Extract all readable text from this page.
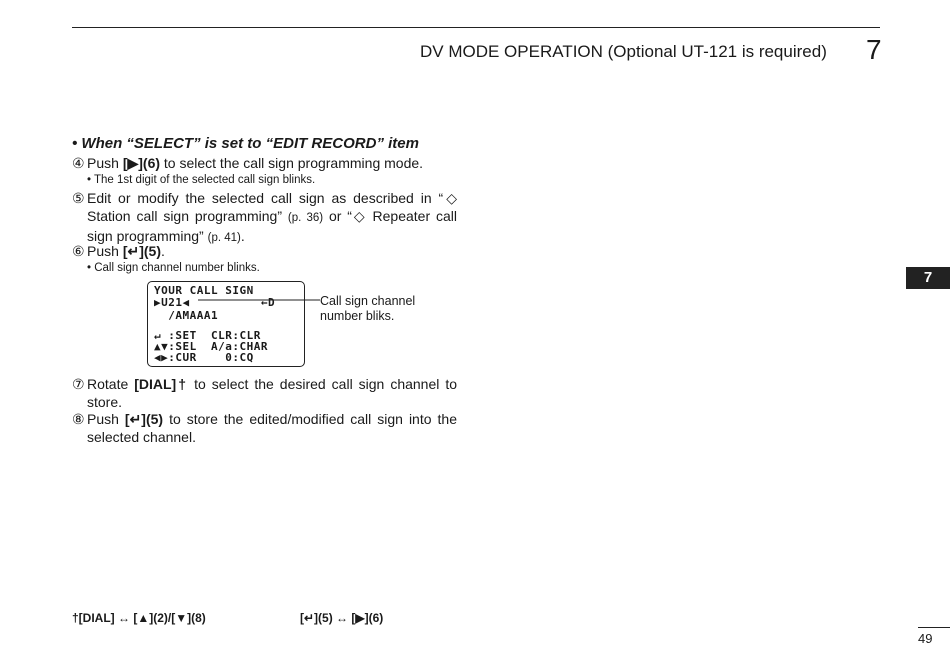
DV MODE OPERATION (Optional UT-121 is required) 7
7
• When “SELECT” is set to “EDIT RECORD” item
④ Push [▶](6) to select the call sign programming mode.
• The 1st digit of the selected call sign blinks.
⑤ Edit or modify the selected call sign as described in “◇ Station call sign programming” (p. 36) or “◇ Repeater call sign programming” (p. 41).
⑥ Push [↵](5).
• Call sign channel number blinks.
YOUR CALL SIGN
▶U21◀          ←D
/AMAAA1
↵ :SET  CLR:CLR
▲▼:SEL  A/a:CHAR
◀▶:CUR    0:CQ
Call sign channel number bliks.
⑦ Rotate [DIAL]† to select the desired call sign channel to store.
⑧ Push [↵](5) to store the edited/modified call sign into the selected channel.
†[DIAL] ↔ [▲](2)/[▼](8)	[↵](5) ↔ [▶](6)
49
